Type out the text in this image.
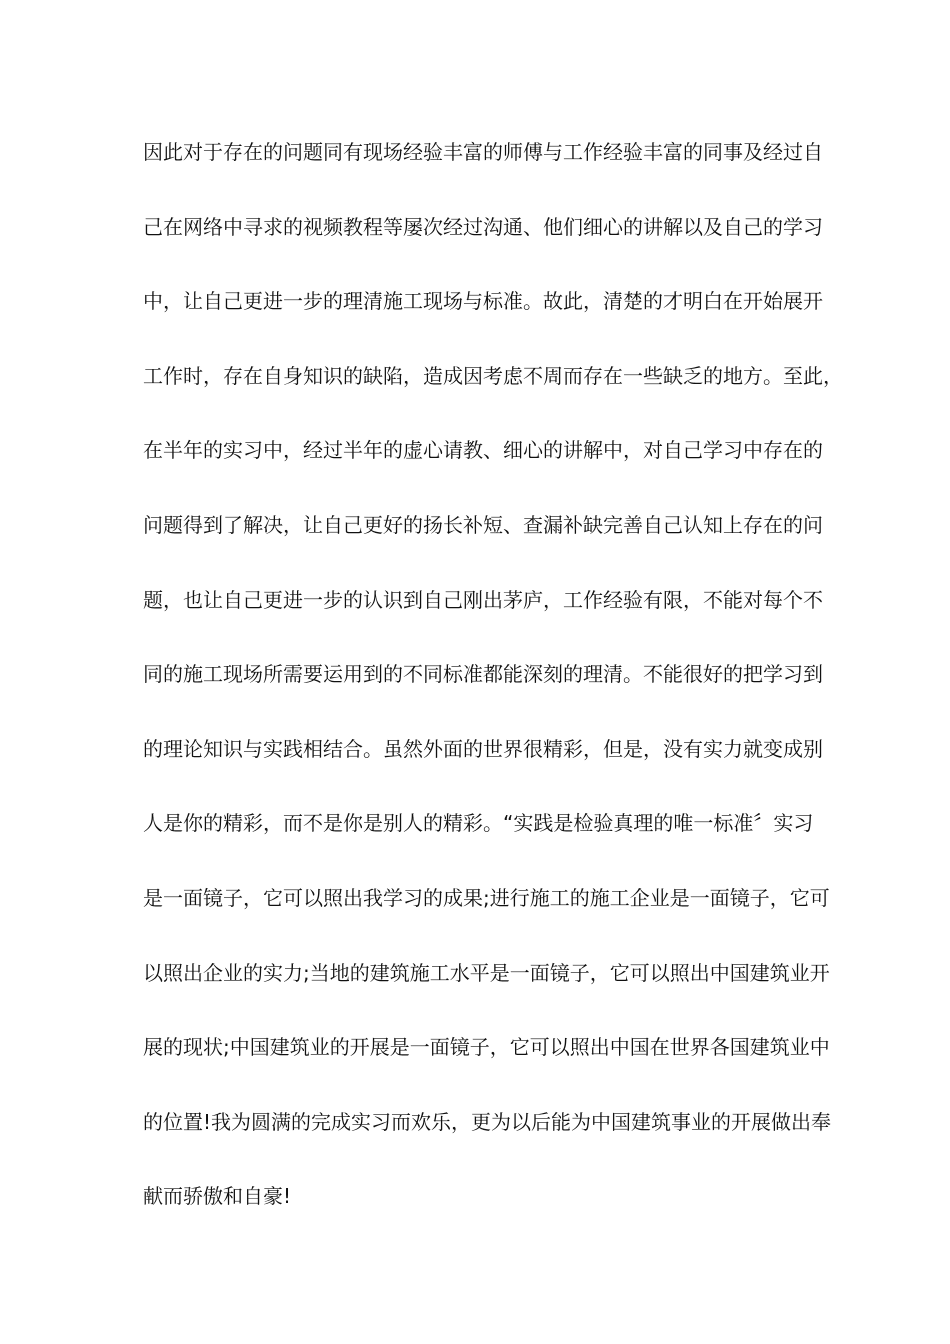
因此对于存在的问题同有现场经验丰富的师傅与工作经验丰富的同事及经过自
己在网络中寻求的视频教程等屡次经过沟通、他们细心的讲解以及自己的学习
中，让自己更进一步的理清施工现场与标准。故此，清楚的才明白在开始展开
工作时，存在自身知识的缺陷，造成因考虑不周而存在一些缺乏的地方。至此，
在半年的实习中，经过半年的虚心请教、细心的讲解中，对自己学习中存在的
问题得到了解决，让自己更好的扬长补短、查漏补缺完善自己认知上存在的问
题，也让自己更进一步的认识到自己刚出茅庐，工作经验有限，不能对每个不
同的施工现场所需要运用到的不同标准都能深刻的理清。不能很好的把学习到
的理论知识与实践相结合。虽然外面的世界很精彩，但是，没有实力就变成别
人是你的精彩，而不是你是别人的精彩。“实践是检验真理的唯一标准〞实习
是一面镜子，它可以照出我学习的成果;进行施工的施工企业是一面镜子，它可
以照出企业的实力;当地的建筑施工水平是一面镜子，它可以照出中国建筑业开
展的现状;中国建筑业的开展是一面镜子，它可以照出中国在世界各国建筑业中
的位置!我为圆满的完成实习而欢乐，更为以后能为中国建筑事业的开展做出奉
献而骄傲和自豪!
